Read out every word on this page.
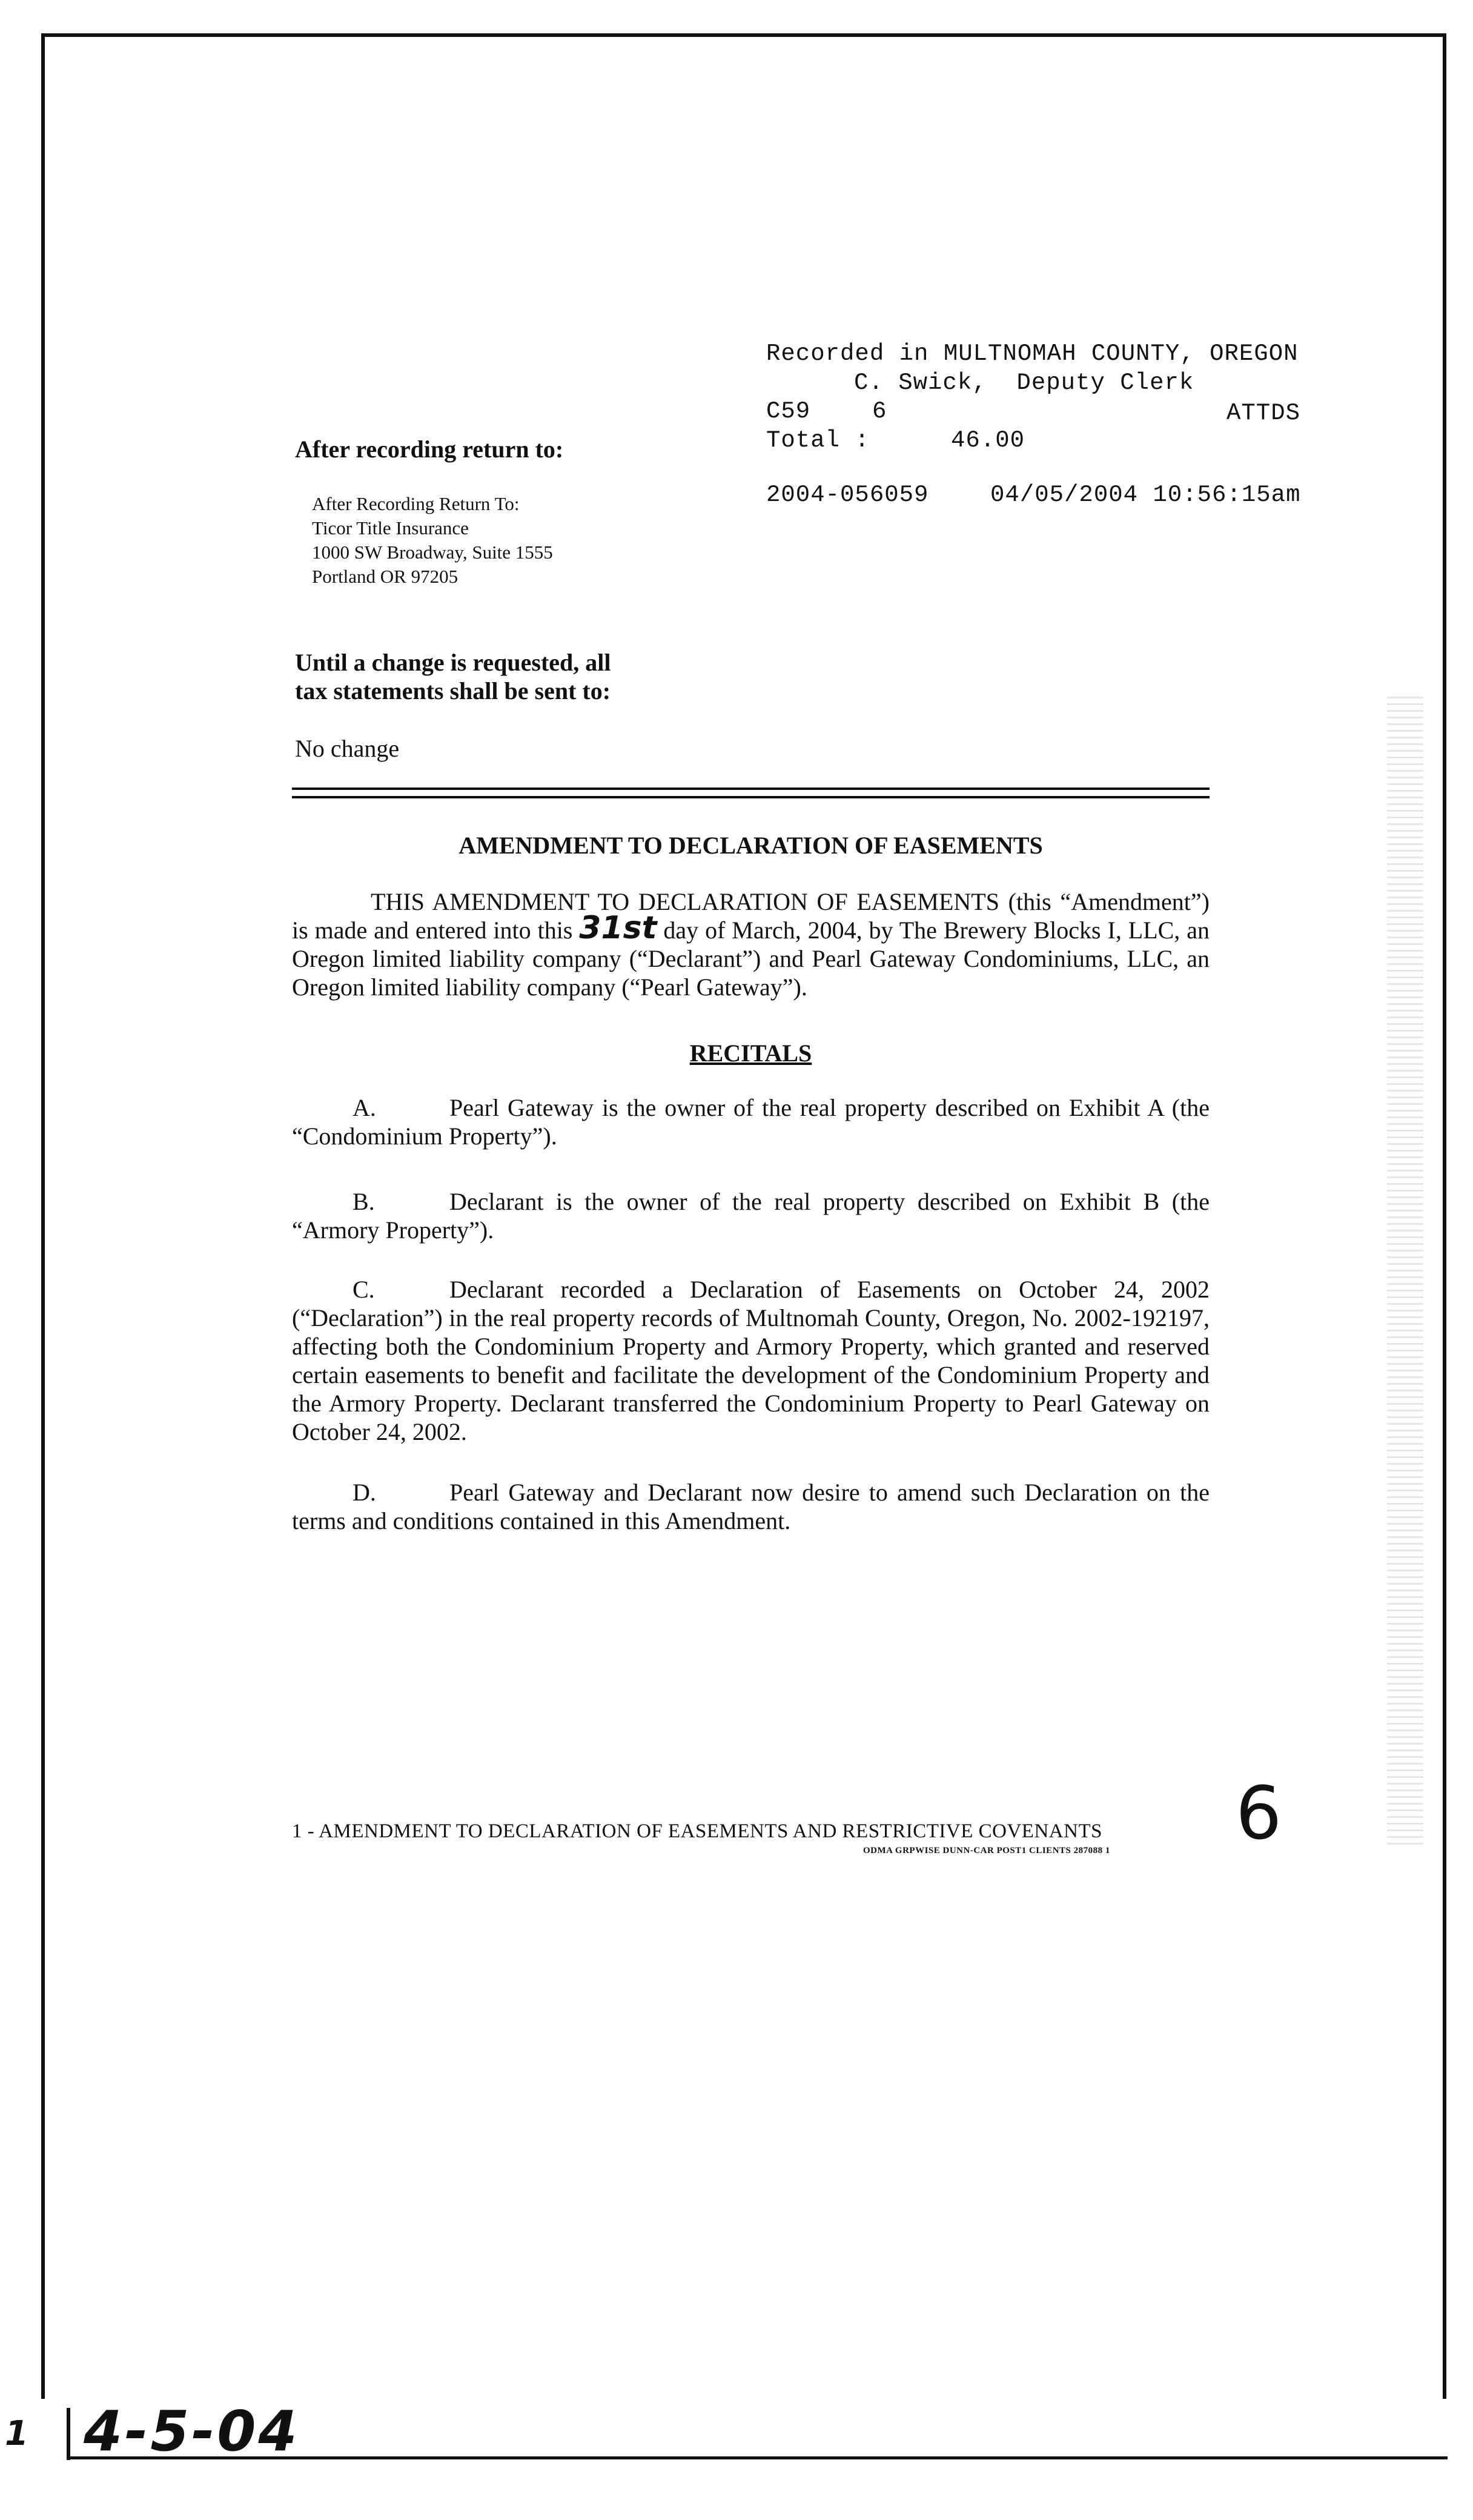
Recorded in MULTNOMAH COUNTY, OREGON
C. Swick,  Deputy Clerk
C59	6	ATTDS
Total :	46.00
2004-056059	04/05/2004 10:56:15am
After recording return to:
After Recording Return To:
Ticor Title Insurance
1000 SW Broadway, Suite 1555
Portland OR 97205
Until a change is requested, all
tax statements shall be sent to:
No change
AMENDMENT TO DECLARATION OF EASEMENTS
THIS AMENDMENT TO DECLARATION OF EASEMENTS (this “Amendment”) is made and entered into this 31st day of March, 2004, by The Brewery Blocks I, LLC, an Oregon limited liability company (“Declarant”) and Pearl Gateway Condominiums, LLC, an Oregon limited liability company (“Pearl Gateway”).
RECITALS
A.	Pearl Gateway is the owner of the real property described on Exhibit A (the “Condominium Property”).
B.	Declarant is the owner of the real property described on Exhibit B (the “Armory Property”).
C.	Declarant recorded a Declaration of Easements on October 24, 2002 (“Declaration”) in the real property records of Multnomah County, Oregon, No. 2002-192197, affecting both the Condominium Property and Armory Property, which granted and reserved certain easements to benefit and facilitate the development of the Condominium Property and the Armory Property. Declarant transferred the Condominium Property to Pearl Gateway on October 24, 2002.
D.	Pearl Gateway and Declarant now desire to amend such Declaration on the terms and conditions contained in this Amendment.
1 - AMENDMENT TO DECLARATION OF EASEMENTS AND RESTRICTIVE COVENANTS
ODMA GRPWISE DUNN-CAR POST1 CLIENTS 287088 1 6
4-5-04
1
